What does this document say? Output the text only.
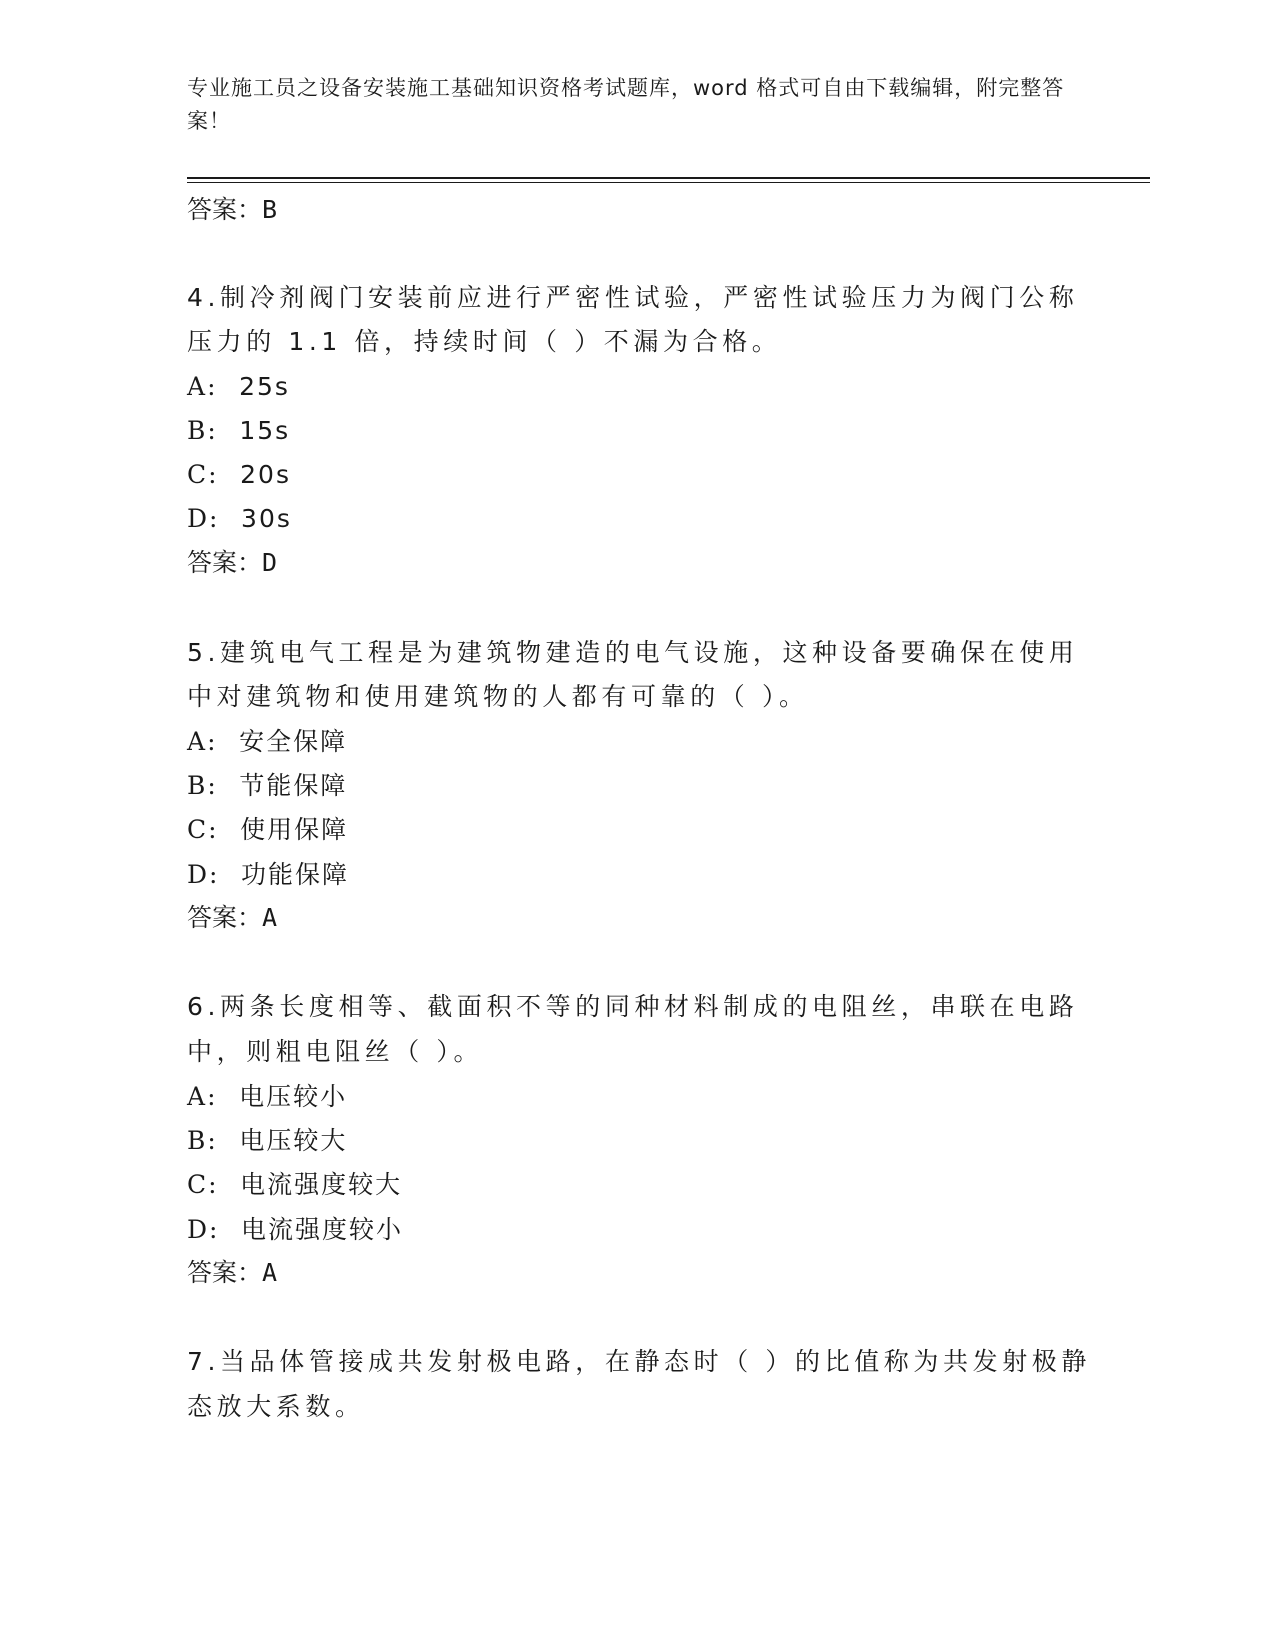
专业施工员之设备安装施工基础知识资格考试题库，word 格式可自由下载编辑，附完整答案！
答案：B
4.制冷剂阀门安装前应进行严密性试验，严密性试验压力为阀门公称
压力的 1.1 倍，持续时间（ ）不漏为合格。
A: 25s
B: 15s
C: 20s
D: 30s
答案：D
5.建筑电气工程是为建筑物建造的电气设施，这种设备要确保在使用
中对建筑物和使用建筑物的人都有可靠的（ ）。
A: 安全保障
B: 节能保障
C: 使用保障
D: 功能保障
答案：A
6.两条长度相等、截面积不等的同种材料制成的电阻丝，串联在电路
中，则粗电阻丝（ ）。
A: 电压较小
B: 电压较大
C: 电流强度较大
D: 电流强度较小
答案：A
7.当品体管接成共发射极电路，在静态时（ ）的比值称为共发射极静
态放大系数。
